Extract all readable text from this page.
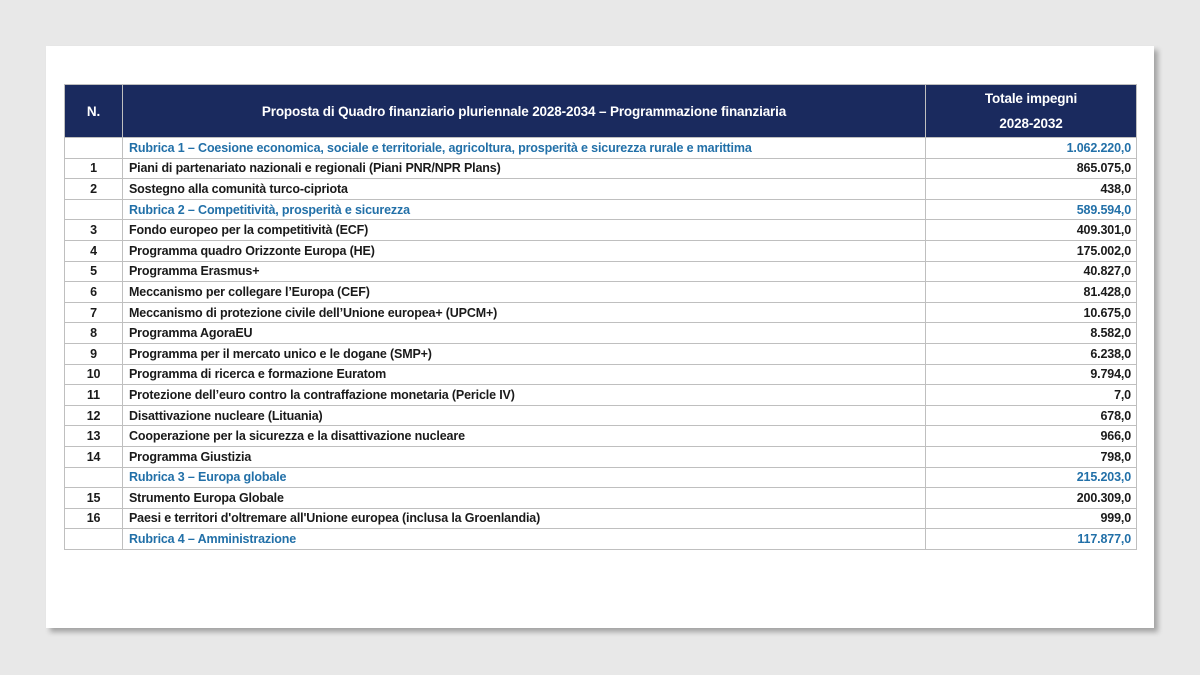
N.	Proposta di Quadro finanziario pluriennale 2028-2034 – Programmazione finanziaria	Totale impegni
2028-2032

	Rubrica 1 – Coesione economica, sociale e territoriale, agricoltura, prosperità e sicurezza rurale e marittima	1.062.220,0
1	Piani di partenariato nazionali e regionali (Piani PNR/NPR Plans)	865.075,0
2	Sostegno alla comunità turco-cipriota	438,0
	Rubrica 2 – Competitività, prosperità e sicurezza	589.594,0
3	Fondo europeo per la competitività (ECF)	409.301,0
4	Programma quadro Orizzonte Europa (HE)	175.002,0
5	Programma Erasmus+	40.827,0
6	Meccanismo per collegare l’Europa (CEF)	81.428,0
7	Meccanismo di protezione civile dell’Unione europea+ (UPCM+)	10.675,0
8	Programma AgoraEU	8.582,0
9	Programma per il mercato unico e le dogane (SMP+)	6.238,0
10	Programma di ricerca e formazione Euratom	9.794,0
11	Protezione dell’euro contro la contraffazione monetaria (Pericle IV)	7,0
12	Disattivazione nucleare (Lituania)	678,0
13	Cooperazione per la sicurezza e la disattivazione nucleare	966,0
14	Programma Giustizia	798,0
	Rubrica 3 – Europa globale	215.203,0
15	Strumento Europa Globale	200.309,0
16	Paesi e territori d'oltremare all'Unione europea (inclusa la Groenlandia)	999,0
	Rubrica 4 – Amministrazione	117.877,0
